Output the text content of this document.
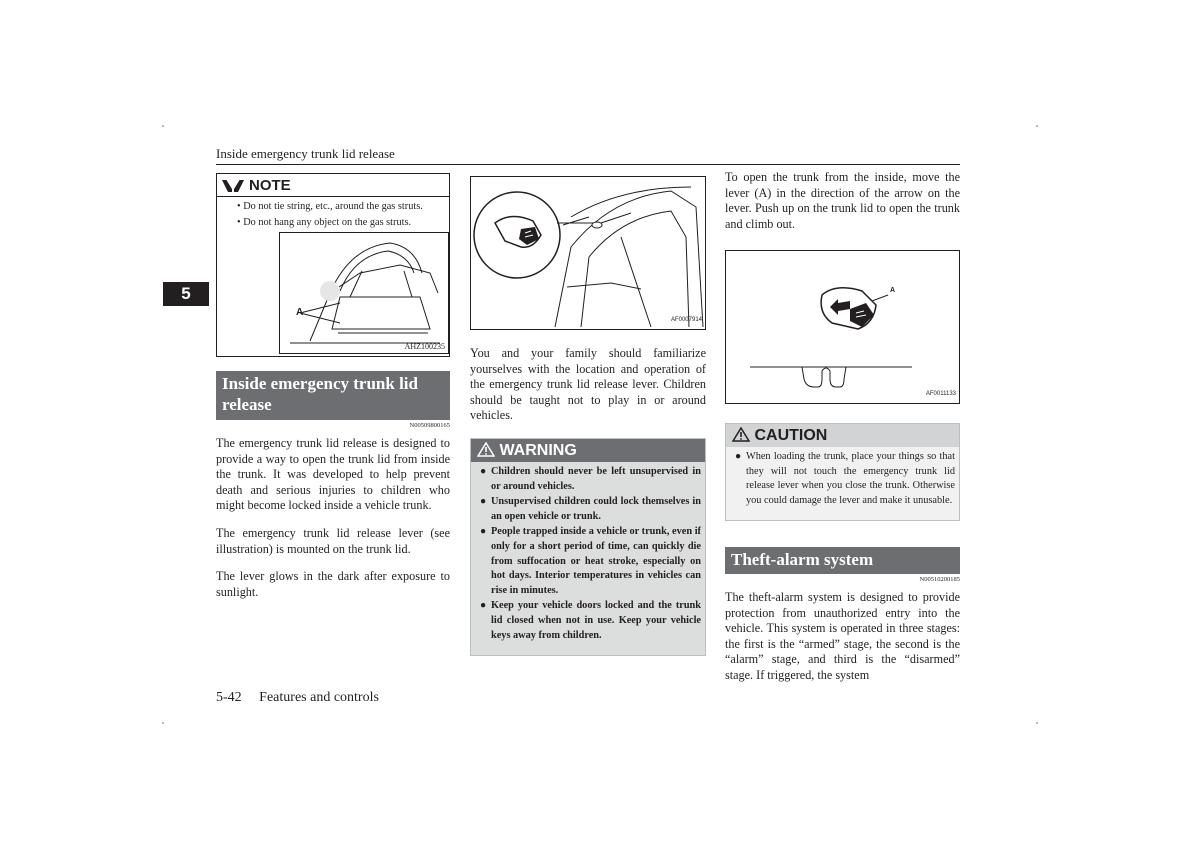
Inside emergency trunk lid release
5
NOTE
• Do not tie string, etc., around the gas struts.
• Do not hang any object on the gas struts.
A
AHZ100235
Inside emergency trunk lid release
N00509800165

The emergency trunk lid release is designed to provide a way to open the trunk lid from inside the trunk. It was developed to help prevent death and serious injuries to children who might become locked inside a vehicle trunk.

The emergency trunk lid release lever (see illustration) is mounted on the trunk lid.

The lever glows in the dark after exposure to sunlight.

AF0007914

You and your family should familiarize yourselves with the location and operation of the emergency trunk lid release lever. Children should be taught not to play in or around vehicles.

WARNING
● Children should never be left unsupervised in or around vehicles.
● Unsupervised children could lock themselves in an open vehicle or trunk.
● People trapped inside a vehicle or trunk, even if only for a short period of time, can quickly die from suffocation or heat stroke, especially on hot days. Interior temperatures in vehicles can rise in minutes.
● Keep your vehicle doors locked and the trunk lid closed when not in use. Keep your vehicle keys away from children.

To open the trunk from the inside, move the lever (A) in the direction of the arrow on the lever. Push up on the trunk lid to open the trunk and climb out.

A
AF0011133
CAUTION
● When loading the trunk, place your things so that they will not touch the emergency trunk lid release lever when you close the trunk. Otherwise you could damage the lever and make it unusable.
Theft-alarm system
N00510200185

The theft-alarm system is designed to provide protection from unauthorized entry into the vehicle. This system is operated in three stages: the first is the “armed” stage, the second is the “alarm” stage, and third is the “disarmed” stage. If triggered, the system

5-42 Features and controls
